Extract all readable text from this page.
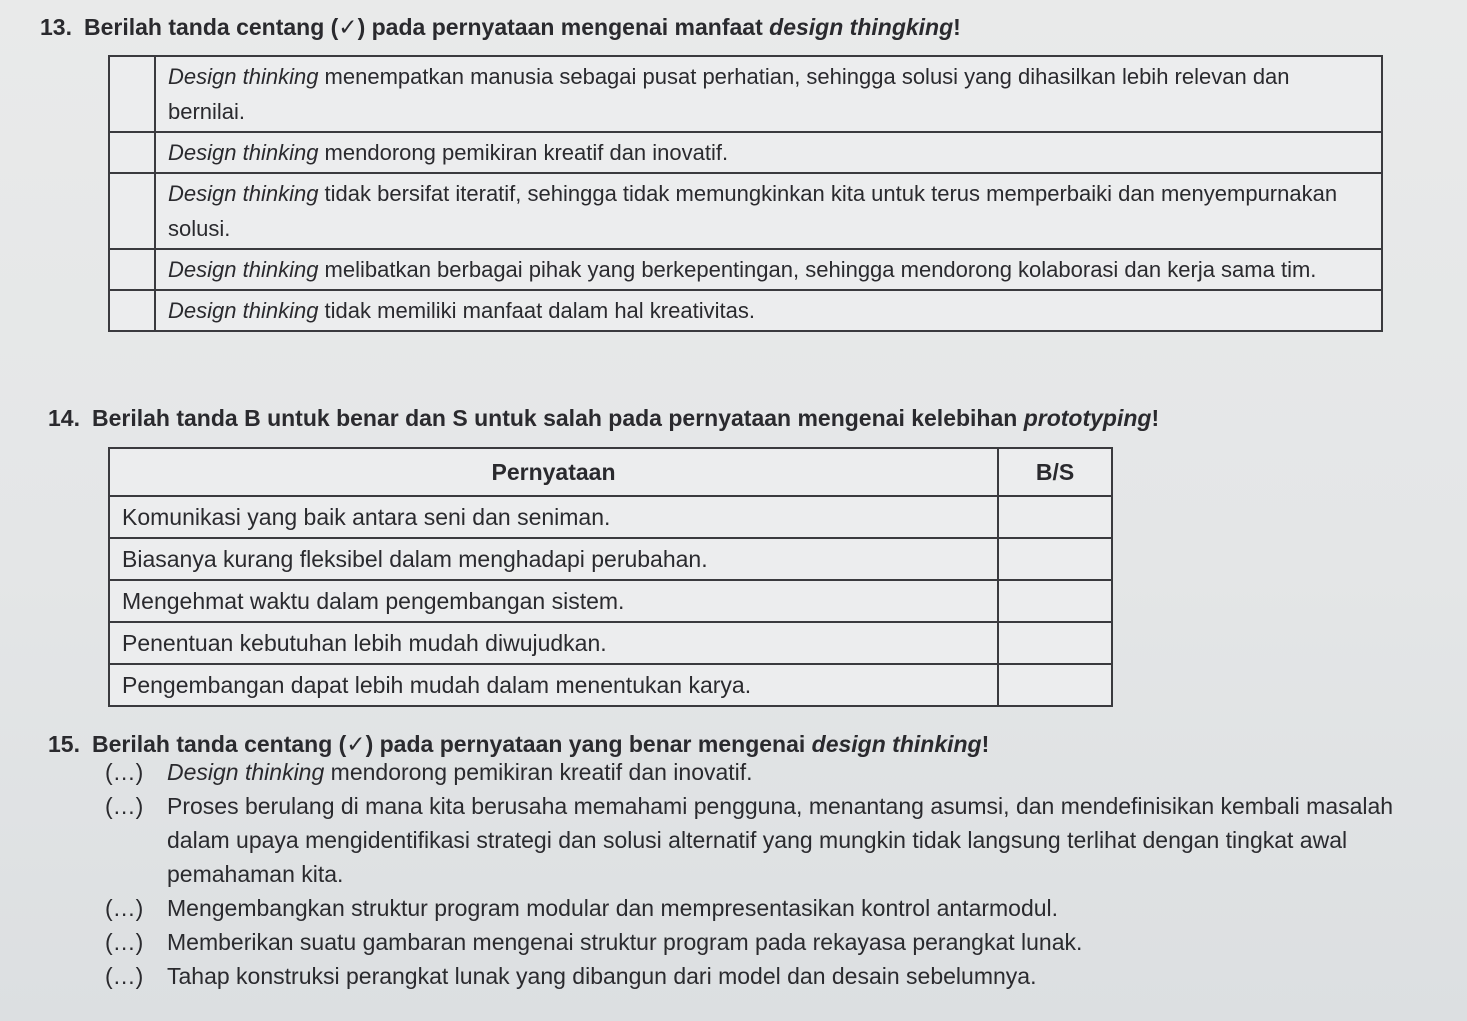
13. Berilah tanda centang (✓) pada pernyataan mengenai manfaat design thingking!
	Design thinking menempatkan manusia sebagai pusat perhatian, sehingga solusi yang dihasilkan lebih relevan dan bernilai.
	Design thinking mendorong pemikiran kreatif dan inovatif.
	Design thinking tidak bersifat iteratif, sehingga tidak memungkinkan kita untuk terus memperbaiki dan menyempurnakan solusi.
	Design thinking melibatkan berbagai pihak yang berkepentingan, sehingga mendorong kolaborasi dan kerja sama tim.
	Design thinking tidak memiliki manfaat dalam hal kreativitas.
14. Berilah tanda B untuk benar dan S untuk salah pada pernyataan mengenai kelebihan prototyping!
Pernyataan	B/S
Komunikasi yang baik antara seni dan seniman.	
Biasanya kurang fleksibel dalam menghadapi perubahan.	
Mengehmat waktu dalam pengembangan sistem.	
Penentuan kebutuhan lebih mudah diwujudkan.	
Pengembangan dapat lebih mudah dalam menentukan karya.	
15. Berilah tanda centang (✓) pada pernyataan yang benar mengenai design thinking!
(…)	Design thinking mendorong pemikiran kreatif dan inovatif.
(…)	Proses berulang di mana kita berusaha memahami pengguna, menantang asumsi, dan mendefinisikan kembali masalah dalam upaya mengidentifikasi strategi dan solusi alternatif yang mungkin tidak langsung terlihat dengan tingkat awal pemahaman kita.
(…)	Mengembangkan struktur program modular dan mempresentasikan kontrol antarmodul.
(…)	Memberikan suatu gambaran mengenai struktur program pada rekayasa perangkat lunak.
(…)	Tahap konstruksi perangkat lunak yang dibangun dari model dan desain sebelumnya.
